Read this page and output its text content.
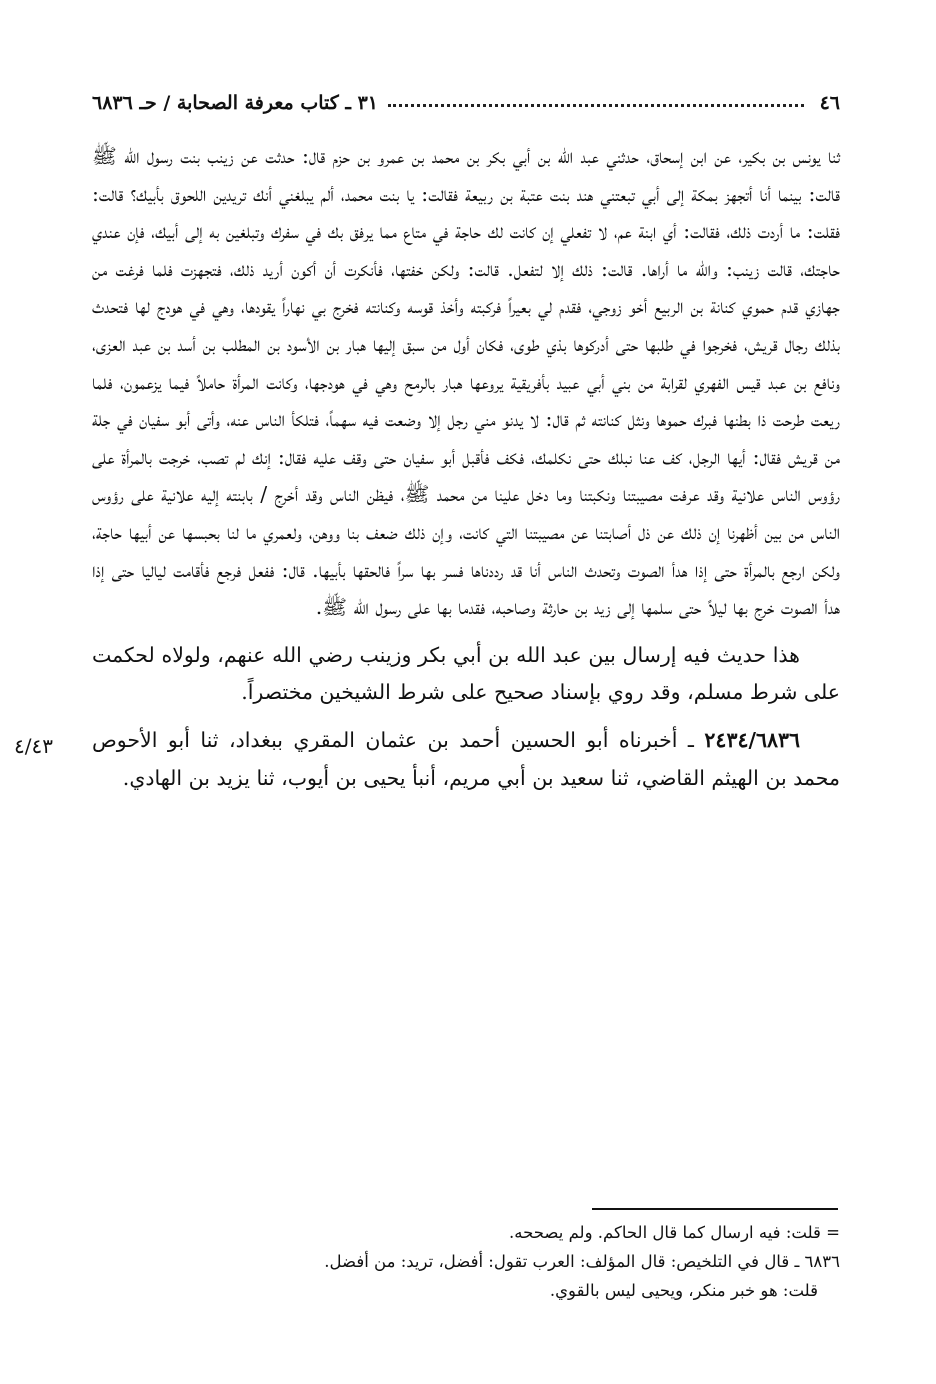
٤٦
٣١ ـ كتاب معرفة الصحابة / حـ ٦٨٣٦

ثنا يونس بن بكير، عن ابن إسحاق، حدثني عبد الله بن أبي بكر بن محمد بن عمرو بن حزم قال: حدثت عن زينب بنت رسول الله ﷺ قالت: بينما أنا أتجهز بمكة إلى أبي تبعتني هند بنت عتبة بن ربيعة فقالت: يا بنت محمد، ألم يبلغني أنك تريدين اللحوق بأبيك؟ قالت: فقلت: ما أردت ذلك، فقالت: أي ابنة عم، لا تفعلي إن كانت لك حاجة في متاع مما يرفق بك في سفرك وتبلغين به إلى أبيك، فإن عندي حاجتك، قالت زينب: والله ما أراها. قالت: ذلك إلا لتفعل. قالت: ولكن خفتها، فأنكرت أن أكون أريد ذلك، فتجهزت فلما فرغت من جهازي قدم حموي كنانة بن الربيع أخو زوجي، فقدم لي بعيراً فركبته وأخذ قوسه وكنانته فخرج بي نهاراً يقودها، وهي في هودج لها فتحدث بذلك رجال قريش، فخرجوا في طلبها حتى أدركوها بذي طوى، فكان أول من سبق إليها هبار بن الأسود بن المطلب بن أسد بن عبد العزى، ونافع بن عبد قيس الفهري لقرابة من بني أبي عبيد بأفريقية يروعها هبار بالرمح وهي في هودجها، وكانت المرأة حاملاً فيما يزعمون، فلما ريعت طرحت ذا بطنها فبرك حموها ونثل كنانته ثم قال: لا يدنو مني رجل إلا وضعت فيه سهماً، فتلكأ الناس عنه، وأتى أبو سفيان في جلة من قريش فقال: أيها الرجل، كف عنا نبلك حتى نكلمك، فكف فأقبل أبو سفيان حتى وقف عليه فقال: إنك لم تصب، خرجت بالمرأة على رؤوس الناس علانية وقد عرفت مصيبتنا ونكبتنا وما دخل علينا من محمد ﷺ، فيظن الناس وقد أخرج / بابنته إليه علانية على رؤوس الناس من بين أظهرنا إن ذلك عن ذل أصابتنا عن مصيبتنا التي كانت، وإن ذلك ضعف بنا ووهن، ولعمري ما لنا بحبسها عن أبيها حاجة، ولكن ارجع بالمرأة حتى إذا هدأ الصوت وتحدث الناس أنا قد رددناها فسر بها سراً فالحقها بأبيها. قال: ففعل فرجع فأقامت لياليا حتى إذا هدأ الصوت خرج بها ليلاً حتى سلمها إلى زيد بن حارثة وصاحبه، فقدما بها على رسول الله ﷺ.

هذا حديث فيه إرسال بين عبد الله بن أبي بكر وزينب رضي الله عنهم، ولولاه لحكمت على شرط مسلم، وقد روي بإسناد صحيح على شرط الشيخين مختصراً.

٢٤٣٤/٦٨٣٦ ـ أخبرناه أبو الحسين أحمد بن عثمان المقري ببغداد، ثنا أبو الأحوص محمد بن الهيثم القاضي، ثنا سعيد بن أبي مريم، أنبأ يحيى بن أيوب، ثنا يزيد بن الهادي.

٤/٤٣

= قلت: فيه ارسال كما قال الحاكم. ولم يصححه.

٦٨٣٦ ـ قال في التلخيص: قال المؤلف: العرب تقول: أفضل، تريد: من أفضل.

قلت: هو خبر منكر، ويحيى ليس بالقوي.
